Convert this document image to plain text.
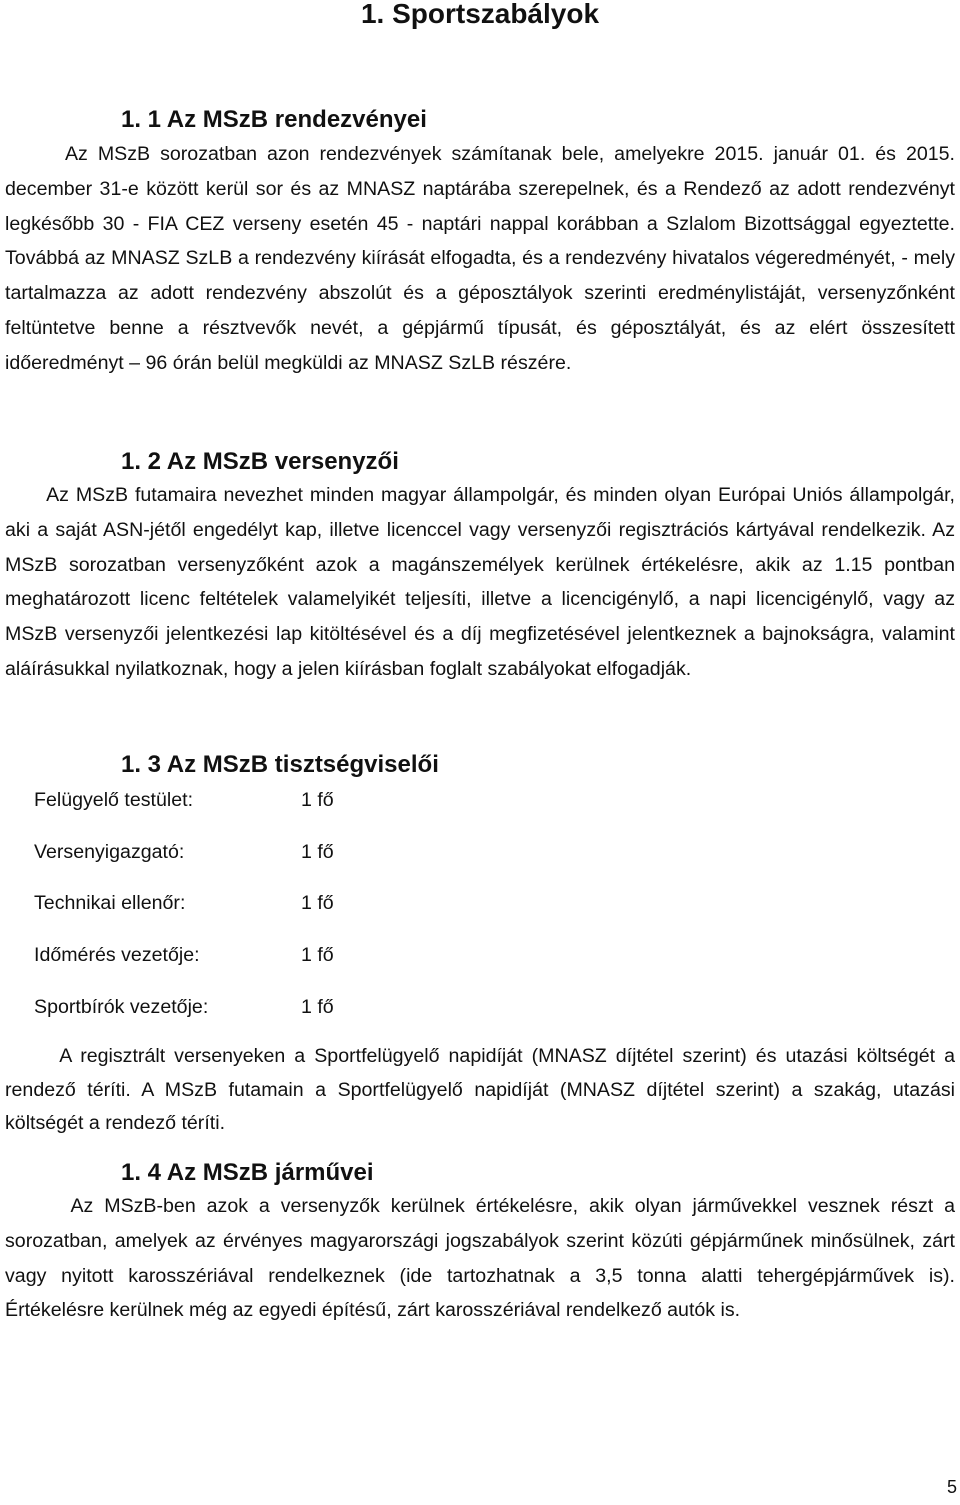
1. Sportszabályok
1. 1 Az MSzB rendezvényei
Az MSzB sorozatban azon rendezvények számítanak bele, amelyekre 2015. január 01. és 2015. december 31-e között kerül sor és az MNASZ naptárába szerepelnek, és a Rendező az adott rendezvényt legkésőbb 30 - FIA CEZ verseny esetén 45 - naptári nappal korábban a Szlalom Bizottsággal egyeztette. Továbbá az MNASZ SzLB a rendezvény kiírását elfogadta, és a rendezvény hivatalos végeredményét, - mely tartalmazza az adott rendezvény abszolút és a géposztályok szerinti eredménylistáját, versenyzőnként feltüntetve benne a résztvevők nevét, a gépjármű típusát, és géposztályát, és az elért összesített időeredményt – 96 órán belül megküldi az MNASZ SzLB részére.
1. 2 Az MSzB versenyzői
Az MSzB futamaira nevezhet minden magyar állampolgár, és minden olyan Európai Uniós állampolgár, aki a saját ASN-jétől engedélyt kap, illetve licenccel vagy versenyzői regisztrációs kártyával rendelkezik. Az MSzB sorozatban versenyzőként azok a magánszemélyek kerülnek értékelésre, akik az 1.15 pontban meghatározott licenc feltételek valamelyikét teljesíti, illetve a licencigénylő, a napi licencigénylő, vagy az MSzB versenyzői jelentkezési lap kitöltésével és a díj megfizetésével jelentkeznek a bajnokságra, valamint aláírásukkal nyilatkoznak, hogy a jelen kiírásban foglalt szabályokat elfogadják.
1. 3 Az MSzB tisztségviselői
Felügyelő testület:	1 fő
Versenyigazgató:	1 fő
Technikai ellenőr:	1 fő
Időmérés vezetője:	1 fő
Sportbírók vezetője:	1 fő
A regisztrált versenyeken a Sportfelügyelő napidíját (MNASZ díjtétel szerint) és utazási költségét a rendező téríti. A MSzB futamain a Sportfelügyelő napidíját (MNASZ díjtétel szerint) a szakág, utazási költségét a rendező téríti.
1. 4 Az MSzB járművei
Az MSzB-ben azok a versenyzők kerülnek értékelésre, akik olyan járművekkel vesznek részt a sorozatban, amelyek az érvényes magyarországi jogszabályok szerint közúti gépjárműnek minősülnek, zárt vagy nyitott karosszériával rendelkeznek (ide tartozhatnak a 3,5 tonna alatti tehergépjárművek is). Értékelésre kerülnek még az egyedi építésű, zárt karosszériával rendelkező autók is.
5
